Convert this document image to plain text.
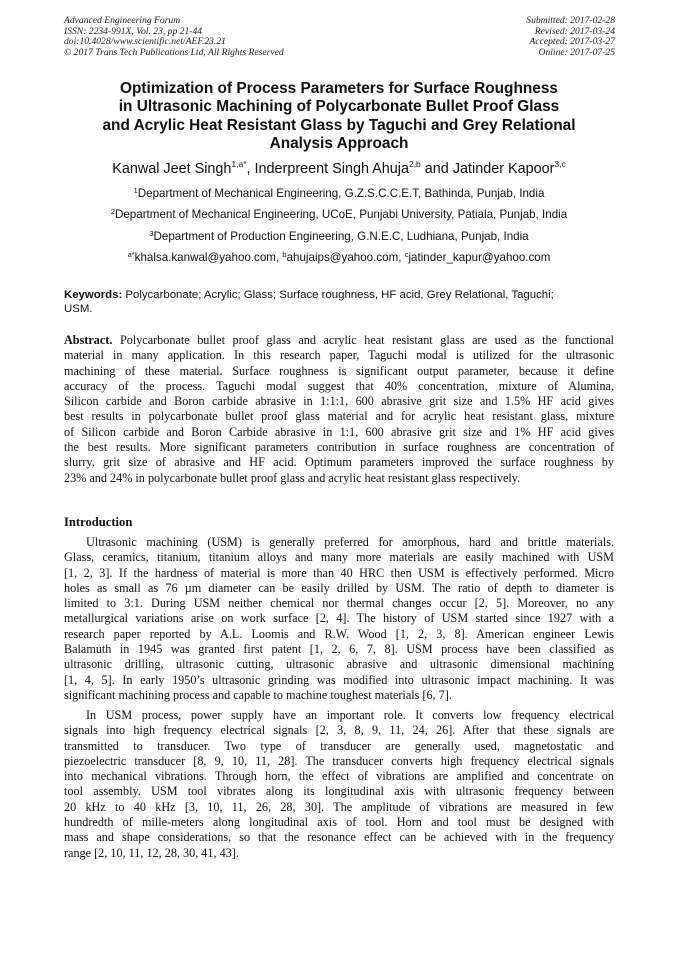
Advanced Engineering Forum
ISSN: 2234-991X, Vol. 23, pp 21-44
doi:10.4028/www.scientific.net/AEF.23.21
© 2017 Trans Tech Publications Ltd, All Rights Reserved
Submitted: 2017-02-28
Revised: 2017-03-24
Accepted: 2017-03-27
Online: 2017-07-25
Optimization of Process Parameters for Surface Roughness
in Ultrasonic Machining of Polycarbonate Bullet Proof Glass
and Acrylic Heat Resistant Glass by Taguchi and Grey Relational
Analysis Approach
Kanwal Jeet Singh$^{1,a*}$, Inderpreent Singh Ahuja$^{2,b}$ and Jatinder Kapoor$^{3,c}$
$^1$Department of Mechanical Engineering, G.Z.S.C.C.E.T, Bathinda, Punjab, India
$^2$Department of Mechanical Engineering, UCoE, Punjabi University, Patiala, Punjab, India
$^3$Department of Production Engineering, G.N.E.C, Ludhiana, Punjab, India
$^{a*}$khalsa.kanwal@yahoo.com, $^b$ahujaips@yahoo.com, $^c$jatinder_kapur@yahoo.com
Keywords: Polycarbonate; Acrylic; Glass; Surface roughness, HF acid, Grey Relational, Taguchi;
USM.
Abstract. Polycarbonate bullet proof glass and acrylic heat resistant glass are used as the functional
material in many application. In this research paper, Taguchi modal is utilized for the ultrasonic
machining of these material. Surface roughness is significant output parameter, because it define
accuracy of the process. Taguchi modal suggest that 40% concentration, mixture of Alumina,
Silicon carbide and Boron carbide abrasive in 1:1:1, 600 abrasive grit size and 1.5% HF acid gives
best results in polycarbonate bullet proof glass material and for acrylic heat resistant glass, mixture
of Silicon carbide and Boron Carbide abrasive in 1:1, 600 abrasive grit size and 1% HF acid gives
the best results. More significant parameters contribution in surface roughness are concentration of
slurry, grit size of abrasive and HF acid. Optimum parameters improved the surface roughness by
23% and 24% in polycarbonate bullet proof glass and acrylic heat resistant glass respectively.
Introduction
Ultrasonic machining (USM) is generally preferred for amorphous, hard and brittle materials.
Glass, ceramics, titanium, titanium alloys and many more materials are easily machined with USM
[1, 2, 3]. If the hardness of material is more than 40 HRC then USM is effectively performed. Micro
holes as small as 76 µm diameter can be easily drilled by USM. The ratio of depth to diameter is
limited to 3:1. During USM neither chemical nor thermal changes occur [2, 5]. Moreover, no any
metallurgical variations arise on work surface [2, 4]. The history of USM started since 1927 with a
research paper reported by A.L. Loomis and R.W. Wood [1, 2, 3, 8]. American engineer Lewis
Balamuth in 1945 was granted first patent [1, 2, 6, 7, 8]. USM process have been classified as
ultrasonic drilling, ultrasonic cutting, ultrasonic abrasive and ultrasonic dimensional machining
[1, 4, 5]. In early 1950’s ultrasonic grinding was modified into ultrasonic impact machining. It was
significant machining process and capable to machine toughest materials [6, 7].
In USM process, power supply have an important role. It converts low frequency electrical
signals into high frequency electrical signals [2, 3, 8, 9, 11, 24, 26]. After that these signals are
transmitted to transducer. Two type of transducer are generally used, magnetostatic and
piezoelectric transducer [8, 9, 10, 11, 28]. The transducer converts high frequency electrical signals
into mechanical vibrations. Through horn, the effect of vibrations are amplified and concentrate on
tool assembly. USM tool vibrates along its longitudinal axis with ultrasonic frequency between
20 kHz to 40 kHz [3, 10, 11, 26, 28, 30]. The amplitude of vibrations are measured in few
hundredth of mille-meters along longitudinal axis of tool. Horn and tool must be designed with
mass and shape considerations, so that the resonance effect can be achieved with in the frequency
range [2, 10, 11, 12, 28, 30, 41, 43].
